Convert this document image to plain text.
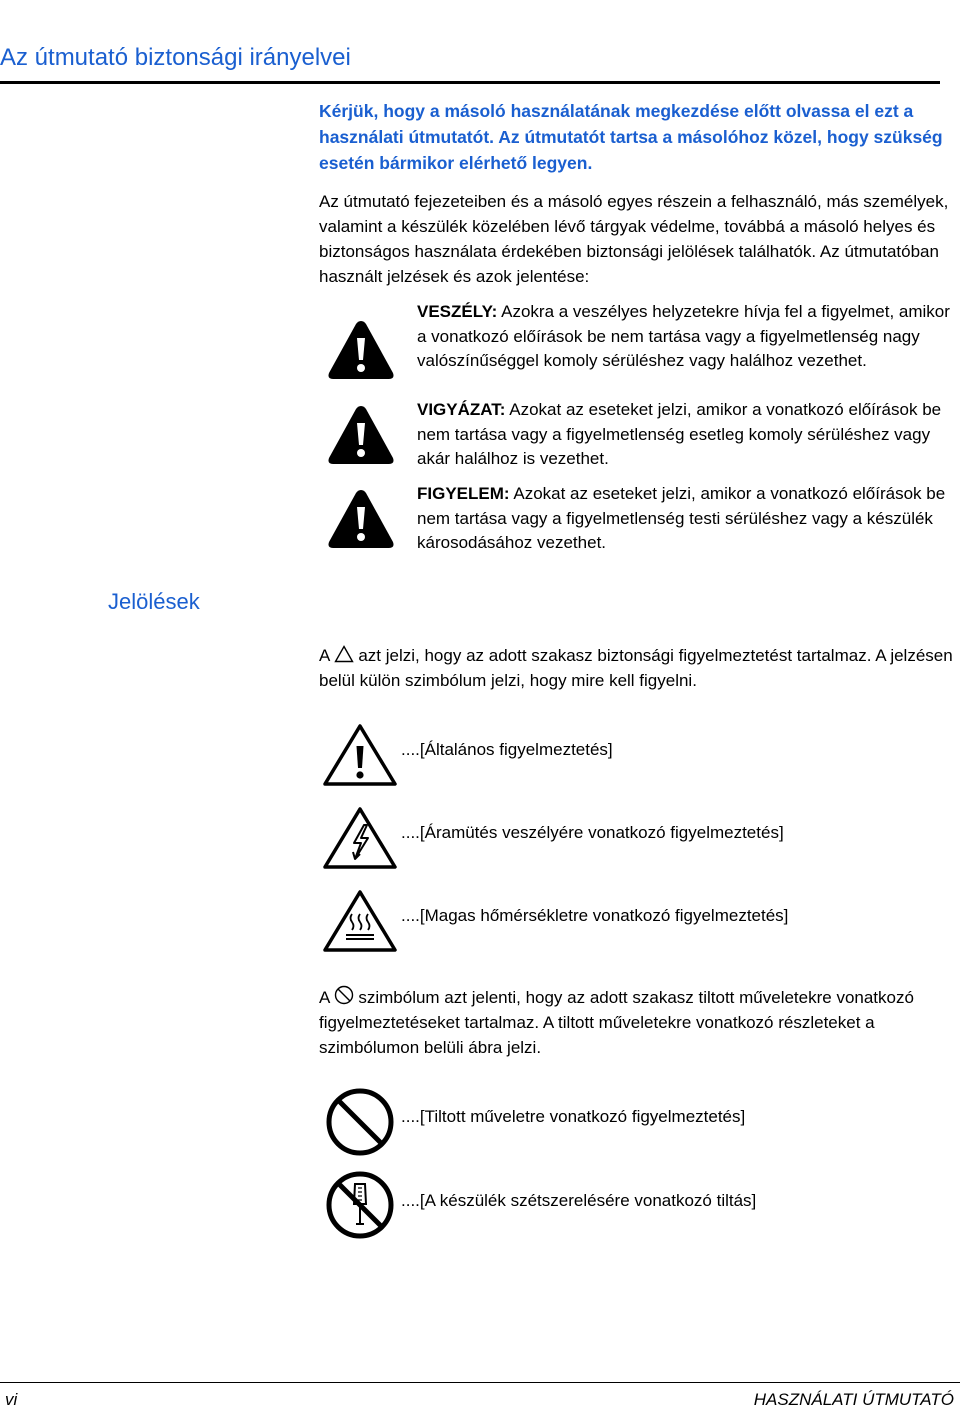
Az útmutató biztonsági irányelvei
Kérjük, hogy a másoló használatának megkezdése előtt olvassa el ezt a használati útmutatót. Az útmutatót tartsa a másolóhoz közel, hogy szükség esetén bármikor elérhető legyen.
Az útmutató fejezeteiben és a másoló egyes részein a felhasználó, más személyek, valamint a készülék közelében lévő tárgyak védelme, továbbá a másoló helyes és biztonságos használata érdekében biztonsági jelölések találhatók. Az útmutatóban használt jelzések és azok jelentése:
VESZÉLY: Azokra a veszélyes helyzetekre hívja fel a figyelmet, amikor a vonatkozó előírások be nem tartása vagy a figyelmetlenség nagy valószínűséggel komoly sérüléshez vagy halálhoz vezethet.
VIGYÁZAT: Azokat az eseteket jelzi, amikor a vonatkozó előírások be nem tartása vagy a figyelmetlenség esetleg komoly sérüléshez vagy akár halálhoz is vezethet.
FIGYELEM: Azokat az eseteket jelzi, amikor a vonatkozó előírások be nem tartása vagy a figyelmetlenség testi sérüléshez vagy a készülék károsodásához vezethet.
Jelölések
A azt jelzi, hogy az adott szakasz biztonsági figyelmeztetést tartalmaz. A jelzésen belül külön szimbólum jelzi, hogy mire kell figyelni.
....[Általános figyelmeztetés]
....[Áramütés veszélyére vonatkozó figyelmeztetés]
....[Magas hőmérsékletre vonatkozó figyelmeztetés]
A szimbólum azt jelenti, hogy az adott szakasz tiltott műveletekre vonatkozó figyelmeztetéseket tartalmaz. A tiltott műveletekre vonatkozó részleteket a szimbólumon belüli ábra jelzi.
....[Tiltott műveletre vonatkozó figyelmeztetés]
....[A készülék szétszerelésére vonatkozó tiltás]
vi	HASZNÁLATI ÚTMUTATÓ
